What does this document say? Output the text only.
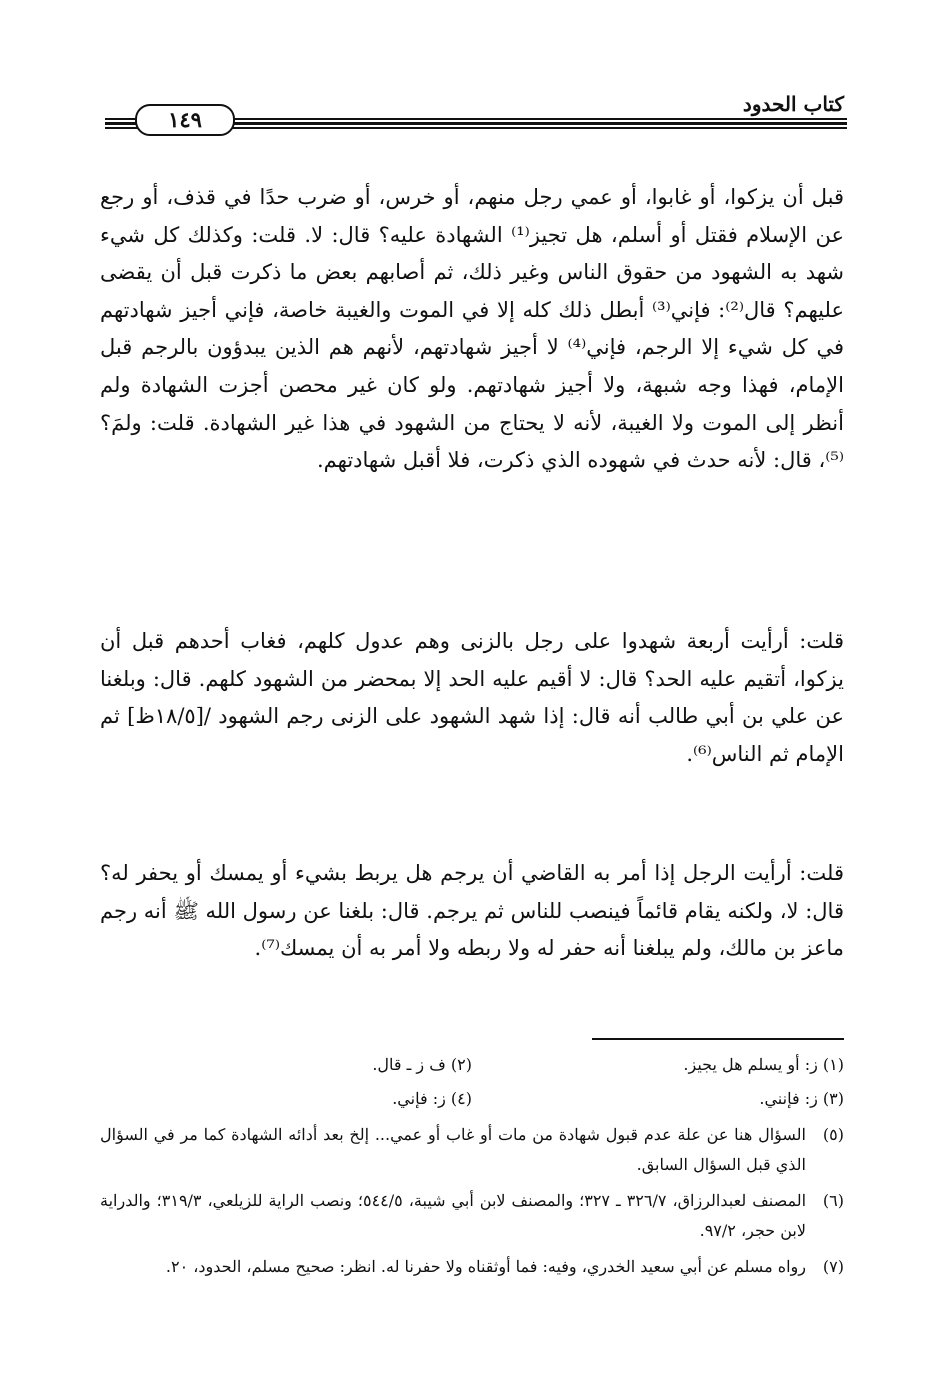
كتاب الحدود
١٤٩

قبل أن يزكوا، أو غابوا، أو عمي رجل منهم، أو خرس، أو ضرب حدًا في قذف، أو رجع عن الإسلام فقتل أو أسلم، هل تجيز⁽¹⁾ الشهادة عليه؟ قال: لا. قلت: وكذلك كل شيء شهد به الشهود من حقوق الناس وغير ذلك، ثم أصابهم بعض ما ذكرت قبل أن يقضى عليهم؟ قال⁽²⁾: فإني⁽³⁾ أبطل ذلك كله إلا في الموت والغيبة خاصة، فإني أجيز شهادتهم في كل شيء إلا الرجم، فإني⁽⁴⁾ لا أجيز شهادتهم، لأنهم هم الذين يبدؤون بالرجم قبل الإمام، فهذا وجه شبهة، ولا أجيز شهادتهم. ولو كان غير محصن أجزت الشهادة ولم أنظر إلى الموت ولا الغيبة، لأنه لا يحتاج من الشهود في هذا غير الشهادة. قلت: ولمَ؟⁽⁵⁾، قال: لأنه حدث في شهوده الذي ذكرت، فلا أقبل شهادتهم.

قلت: أرأيت أربعة شهدوا على رجل بالزنى وهم عدول كلهم، فغاب أحدهم قبل أن يزكوا، أتقيم عليه الحد؟ قال: لا أقيم عليه الحد إلا بمحضر من الشهود كلهم. قال: وبلغنا عن علي بن أبي طالب أنه قال: إذا شهد الشهود على الزنى رجم الشهود /[١٨/٥ظ] ثم الإمام ثم الناس⁽⁶⁾.

قلت: أرأيت الرجل إذا أمر به القاضي أن يرجم هل يربط بشيء أو يمسك أو يحفر له؟ قال: لا، ولكنه يقام قائماً فينصب للناس ثم يرجم. قال: بلغنا عن رسول الله ﷺ أنه رجم ماعز بن مالك، ولم يبلغنا أنه حفر له ولا ربطه ولا أمر به أن يمسك⁽⁷⁾.

(١) ز: أو يسلم هل يجيز.
(٢) ف ز ـ قال.
(٣) ز: فإنني.
(٤) ز: فإني.
(٥)
السؤال هنا عن علة عدم قبول شهادة من مات أو غاب أو عمي... إلخ بعد أدائه الشهادة كما مر في السؤال الذي قبل السؤال السابق.
(٦)
المصنف لعبدالرزاق، ٣٢٦/٧ ـ ٣٢٧؛ والمصنف لابن أبي شيبة، ٥٤٤/٥؛ ونصب الراية للزيلعي، ٣١٩/٣؛ والدراية لابن حجر، ٩٧/٢.
(٧)
رواه مسلم عن أبي سعيد الخدري، وفيه: فما أوثقناه ولا حفرنا له. انظر: صحيح مسلم، الحدود، ٢٠.
